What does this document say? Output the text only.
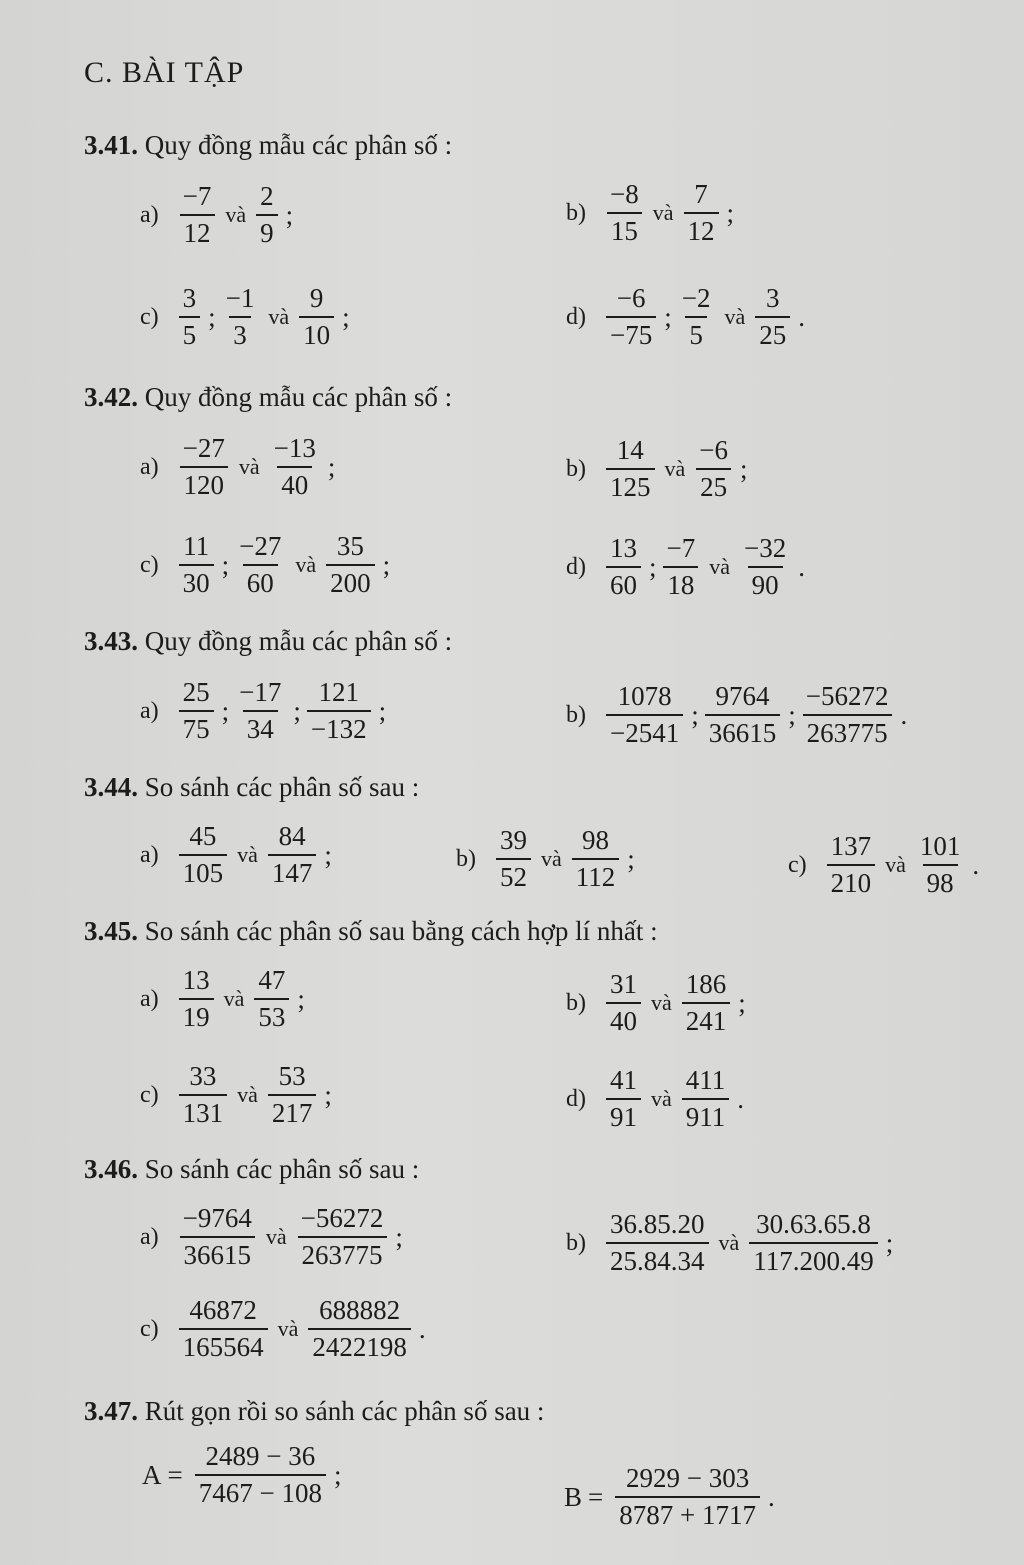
C. BÀI TẬP
3.41. Quy đồng mẫu các phân số :
$a) \frac{-7}{12}$ và $\frac{2}{9}$ ;	$b) \frac{-8}{15}$ và $\frac{7}{12}$ ;
$c) \frac{3}{5}$ ; $\frac{-1}{3}$ và $\frac{9}{10}$ ;	$d) \frac{-6}{-75}$ ; $\frac{-2}{5}$ và $\frac{3}{25}$ .
3.42. Quy đồng mẫu các phân số :
$a) \frac{-27}{120}$ và $\frac{-13}{40}$ ;	$b) \frac{14}{125}$ và $\frac{-6}{25}$ ;
$c) \frac{11}{30}$ ; $\frac{-27}{60}$ và $\frac{35}{200}$ ;	$d) \frac{13}{60}$ ; $\frac{-7}{18}$ và $\frac{-32}{90}$ .
3.43. Quy đồng mẫu các phân số :
$a) \frac{25}{75}$ ; $\frac{-17}{34}$ ; $\frac{121}{-132}$ ;	$b) \frac{1078}{-2541}$ ; $\frac{9764}{36615}$ ; $\frac{-56272}{263775}$ .
3.44. So sánh các phân số sau :
$a) \frac{45}{105}$ và $\frac{84}{147}$ ;	$b) \frac{39}{52}$ và $\frac{98}{112}$ ;	$c) \frac{137}{210}$ và $\frac{101}{98}$ .
3.45. So sánh các phân số sau bằng cách hợp lí nhất :
$a) \frac{13}{19}$ và $\frac{47}{53}$ ;	$b) \frac{31}{40}$ và $\frac{186}{241}$ ;
$c) \frac{33}{131}$ và $\frac{53}{217}$ ;	$d) \frac{41}{91}$ và $\frac{411}{911}$ .
3.46. So sánh các phân số sau :
$a) \frac{-9764}{36615}$ và $\frac{-56272}{263775}$ ;	$b) \frac{36.85.20}{25.84.34}$ và $\frac{30.63.65.8}{117.200.49}$ ;
$c) \frac{46872}{165564}$ và $\frac{688882}{2422198}$ .
3.47. Rút gọn rồi so sánh các phân số sau :
$A = \frac{2489 - 36}{7467 - 108}$ ;
$B = \frac{2929 - 303}{8787 + 1717}$ .
